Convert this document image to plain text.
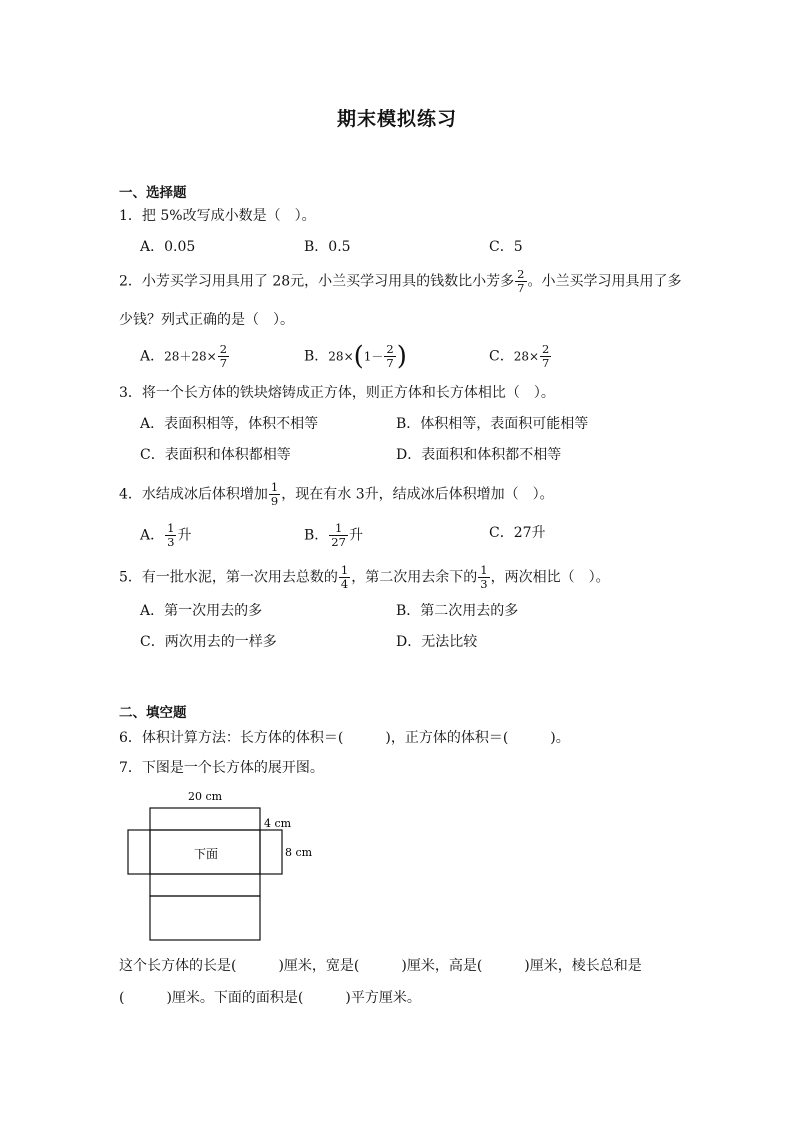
期末模拟练习
一、选择题
1．把 5%改写成小数是（　）。
A．0.05	B．0.5	C．5
2．小芳买学习用具用了 28元，小兰买学习用具的钱数比小芳多 $\frac{2}{7}$ 。小兰买学习用具用了多
少钱？列式正确的是（　）。
A．$28+28\times \frac{2}{7}$	B．$28\times(1- \frac{2}{7}$ )	C．$28\times \frac{2}{7}$
3．将一个长方体的铁块熔铸成正方体，则正方体和长方体相比（　）。
A．表面积相等，体积不相等	B．体积相等，表面积可能相等
C．表面积和体积都相等	D．表面积和体积都不相等
4．水结成冰后体积增加 $\frac{1}{9}$ ，现在有水 3升，结成冰后体积增加（　）。
A． $\frac{1}{3}$ 升	B． $\frac{1}{27}$ 升	C．27升
5．有一批水泥，第一次用去总数的 $\frac{1}{4}$ ，第二次用去余下的 $\frac{1}{3}$ ，两次相比（　）。
A．第一次用去的多	B．第二次用去的多
C．两次用去的一样多	D．无法比较
二、填空题
6．体积计算方法：长方体的体积＝(　　　)，正方体的体积＝(　　　)。
7．下图是一个长方体的展开图。
20 cm
4 cm
8 cm
下面
这个长方体的长是(　　　)厘米，宽是(　　　)厘米，高是(　　　)厘米，棱长总和是
(　　　)厘米。下面的面积是(　　　)平方厘米。
